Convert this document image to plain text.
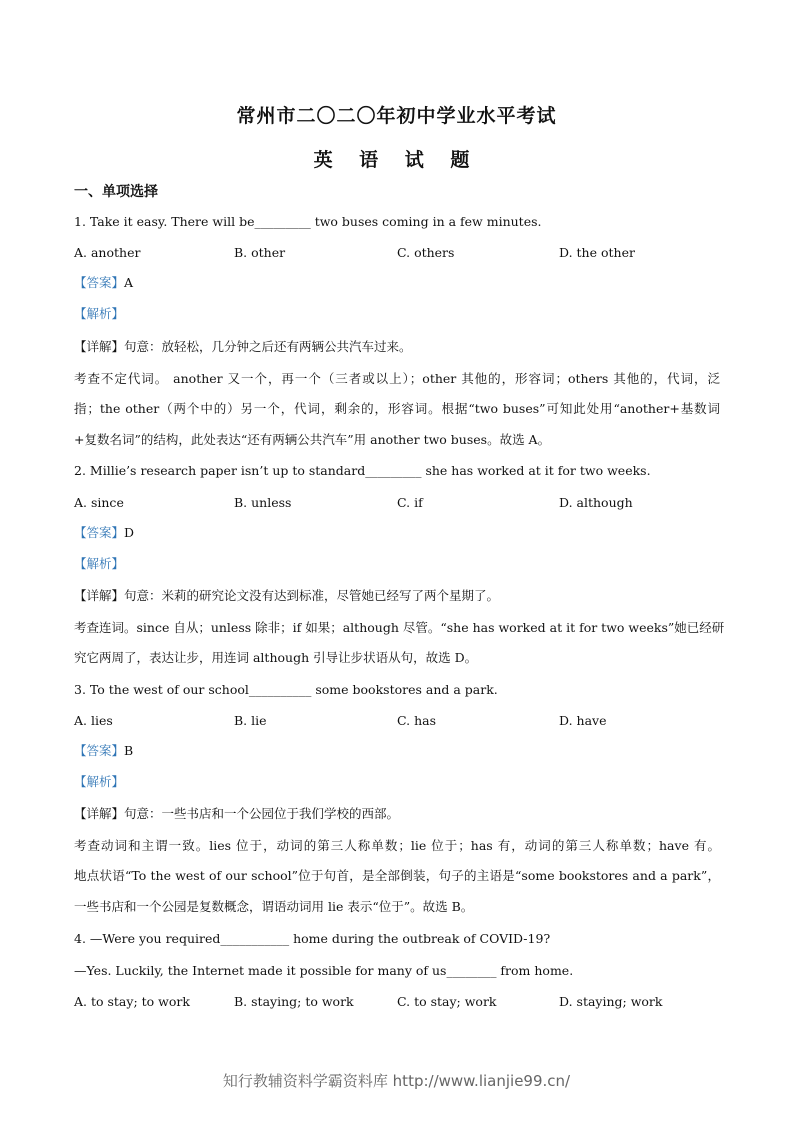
常州市二〇二〇年初中学业水平考试
英 语 试 题
一、单项选择
1. Take it easy. There will be_________ two buses coming in a few minutes.
A. another	B. other	C. others	D. the other
【答案】A
【解析】
【详解】句意：放轻松，几分钟之后还有两辆公共汽车过来。
考查不定代词。 another 又一个，再一个（三者或以上）；other 其他的，形容词；others 其他的，代词，泛
指；the other（两个中的）另一个，代词，剩余的，形容词。根据“two buses”可知此处用“another+基数词
+复数名词”的结构，此处表达“还有两辆公共汽车”用 another two buses。故选 A。
2. Millie’s research paper isn’t up to standard_________ she has worked at it for two weeks.
A. since	B. unless	C. if	D. although
【答案】D
【解析】
【详解】句意：米莉的研究论文没有达到标准，尽管她已经写了两个星期了。
考查连词。since 自从；unless 除非；if 如果；although 尽管。“she has worked at it for two weeks”她已经研
究它两周了，表达让步，用连词 although 引导让步状语从句，故选 D。
3. To the west of our school__________ some bookstores and a park.
A. lies	B. lie	C. has	D. have
【答案】B
【解析】
【详解】句意：一些书店和一个公园位于我们学校的西部。
考查动词和主谓一致。lies 位于，动词的第三人称单数；lie 位于；has 有，动词的第三人称单数；have 有。
地点状语“To the west of our school”位于句首，是全部倒装，句子的主语是“some bookstores and a park”，
一些书店和一个公园是复数概念，谓语动词用 lie 表示“位于”。故选 B。
4. —Were you required___________ home during the outbreak of COVID-19?
—Yes. Luckily, the Internet made it possible for many of us________ from home.
A. to stay; to work	B. staying; to work	C. to stay; work	D. staying; work
知行教辅资料学霸资料库 http://www.lianjie99.cn/
